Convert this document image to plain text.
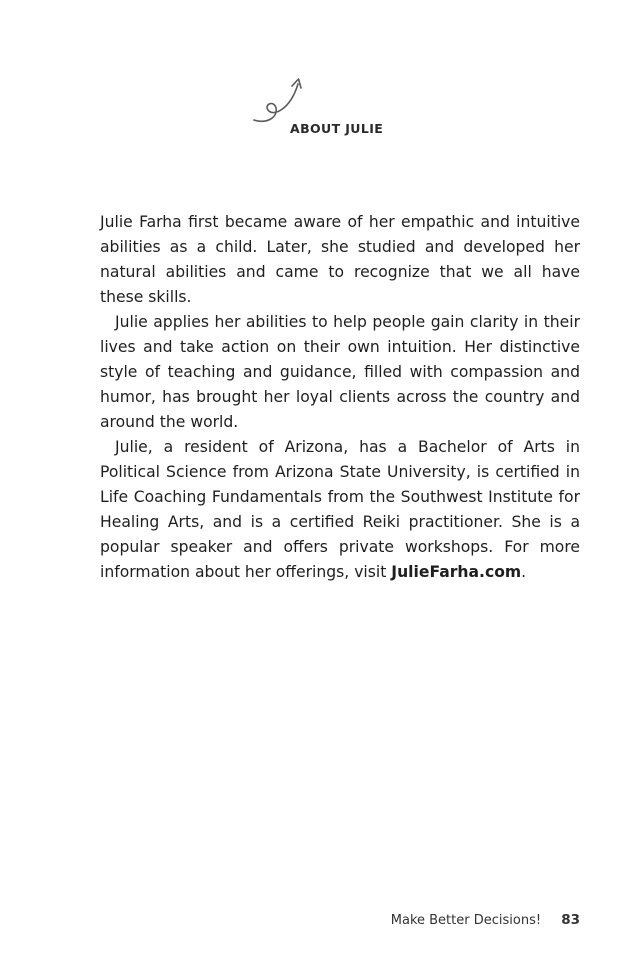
ABOUT JULIE

Julie Farha first became aware of her empathic and intuitive abilities as a child. Later, she studied and developed her natural abilities and came to recognize that we all have these skills.

Julie applies her abilities to help people gain clarity in their lives and take action on their own intuition. Her distinctive style of teaching and guidance, filled with compassion and humor, has brought her loyal clients across the country and around the world.

Julie, a resident of Arizona, has a Bachelor of Arts in Political Science from Arizona State University, is certified in Life Coaching Fundamentals from the Southwest Institute for Healing Arts, and is a certified Reiki practitioner. She is a popular speaker and offers private workshops. For more information about her offerings, visit JulieFarha.com.

Make Better Decisions! 83
